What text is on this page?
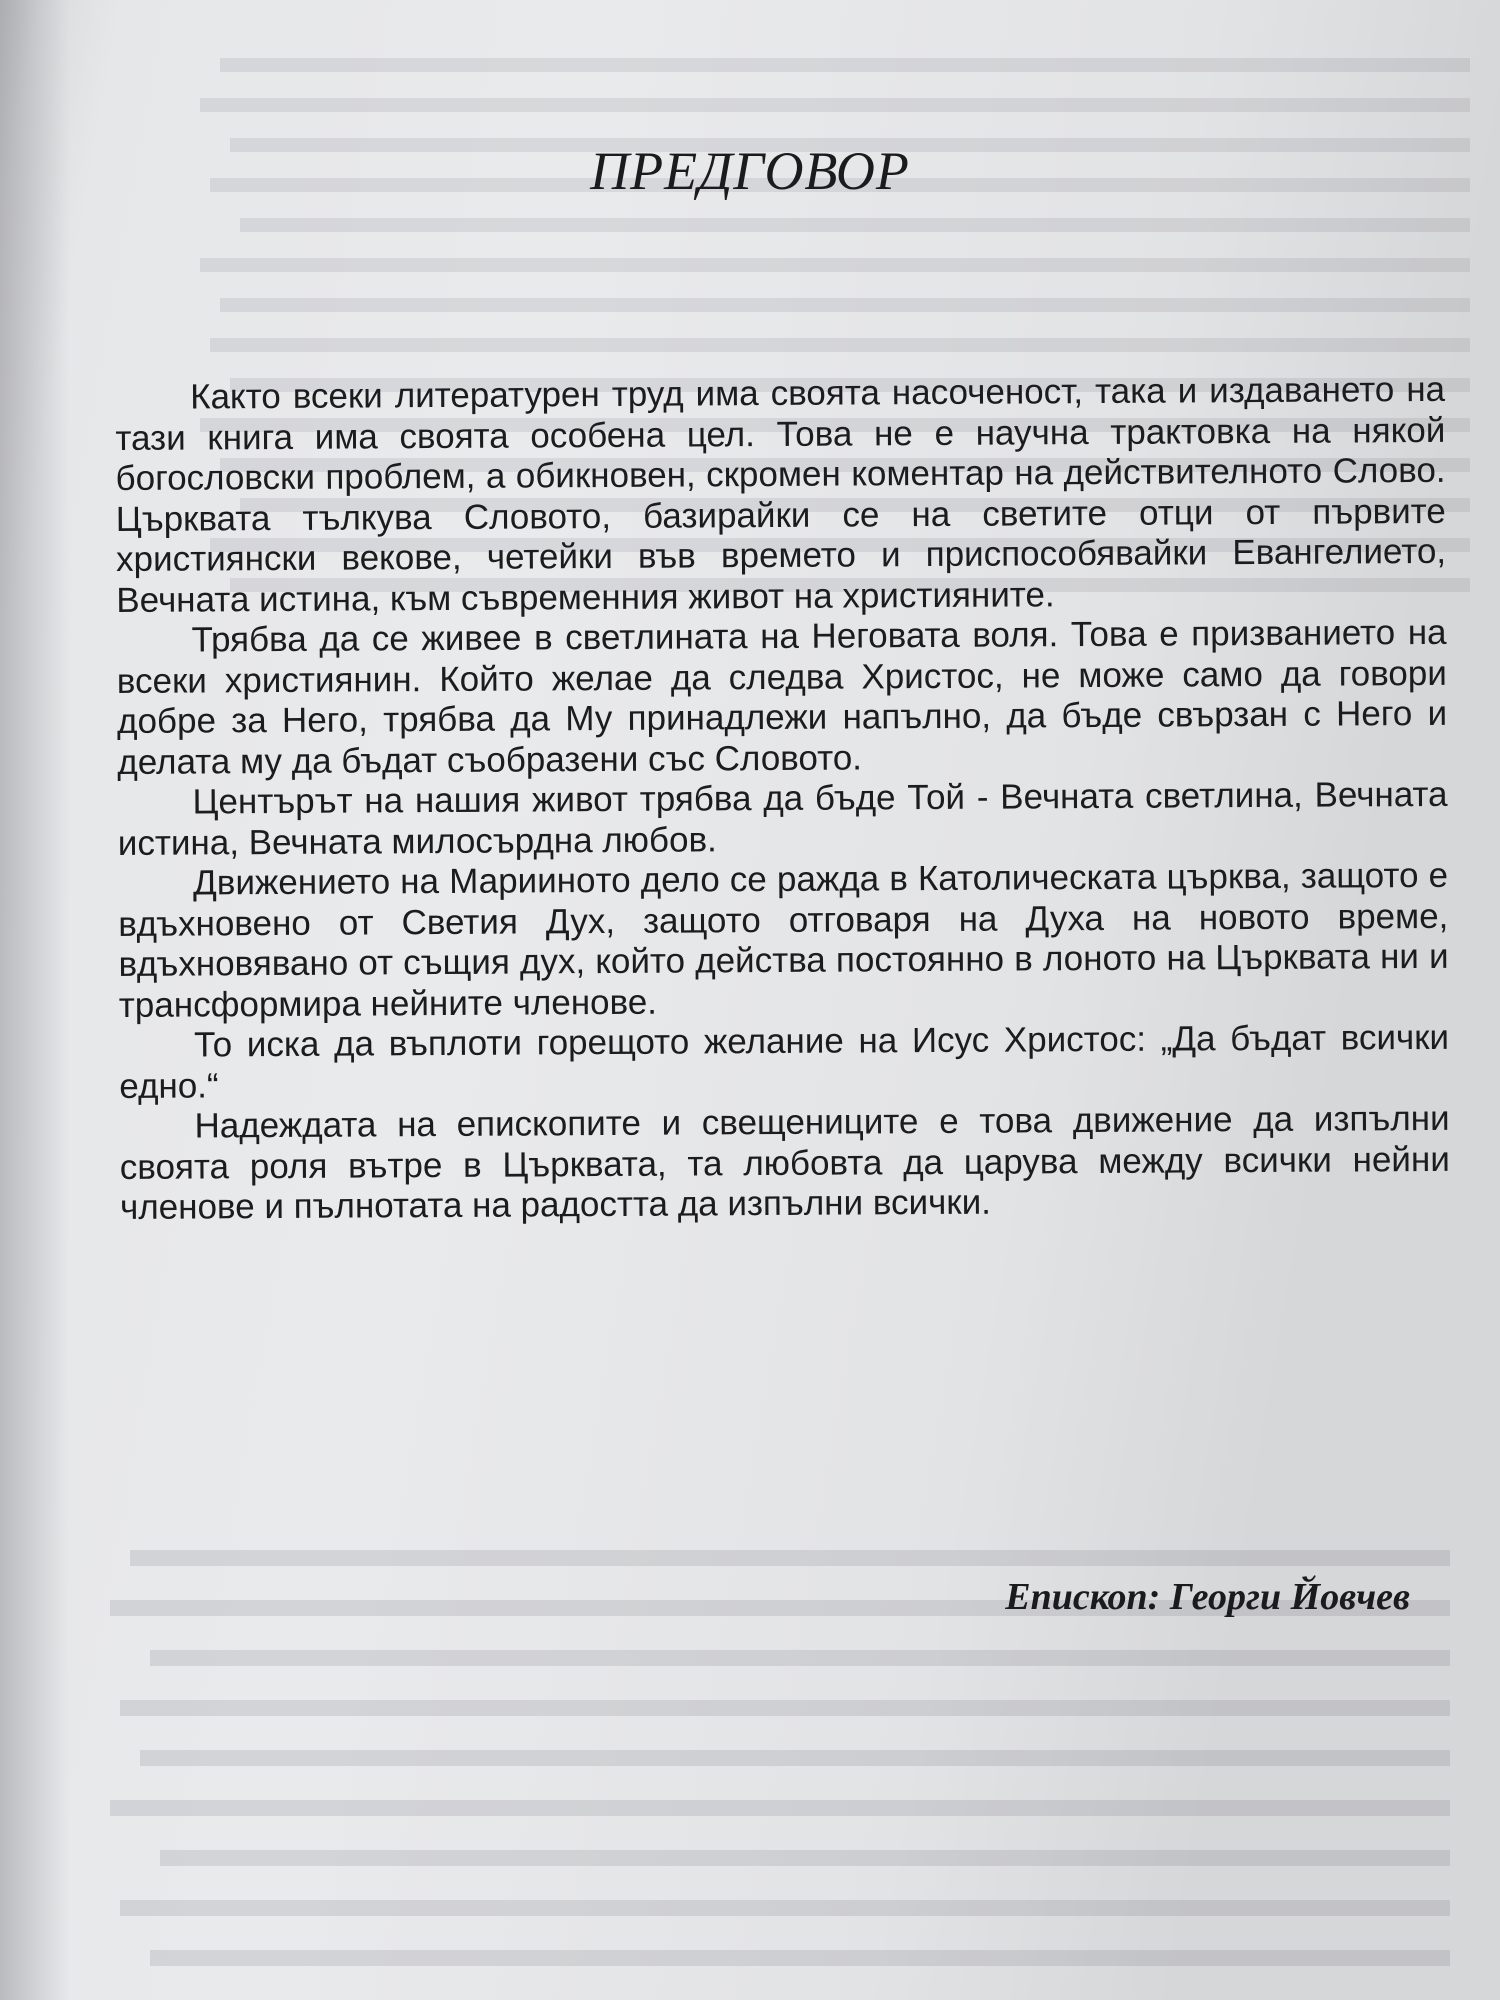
ПРЕДГОВОР

Както всеки литературен труд има своята насоченост, така и издаването на тази книга има своята особена цел. Това не е научна трактовка на някой богословски проблем, а обикновен, скромен коментар на действителното Слово. Църквата тълкува Словото, базирайки се на светите отци от първите християнски векове, четейки във времето и приспособявайки Евангелието, Вечната истина, към съвременния живот на християните.

Трябва да се живее в светлината на Неговата воля. Това е призванието на всеки християнин. Който желае да следва Христос, не може само да говори добре за Него, трябва да Му принадлежи напълно, да бъде свързан с Него и делата му да бъдат съобразени със Словото.

Центърът на нашия живот трябва да бъде Той - Вечната светлина, Вечната истина, Вечната милосърдна любов.

Движението на Мариинoто дело се ражда в Католическата църква, защото е вдъхновено от Светия Дух, защото отговаря на Духа на новото време, вдъхновявано от същия дух, който действа постоянно в лоното на Църквата ни и трансформира нейните членове.

То иска да въплоти горещото желание на Исус Христос: „Да бъдат всички едно.“

Надеждата на епископите и свещениците е това движение да изпълни своята роля вътре в Църквата, та любовта да царува между всички нейни членове и пълнотата на радостта да изпълни всички.

Епископ: Георги Йовчев
